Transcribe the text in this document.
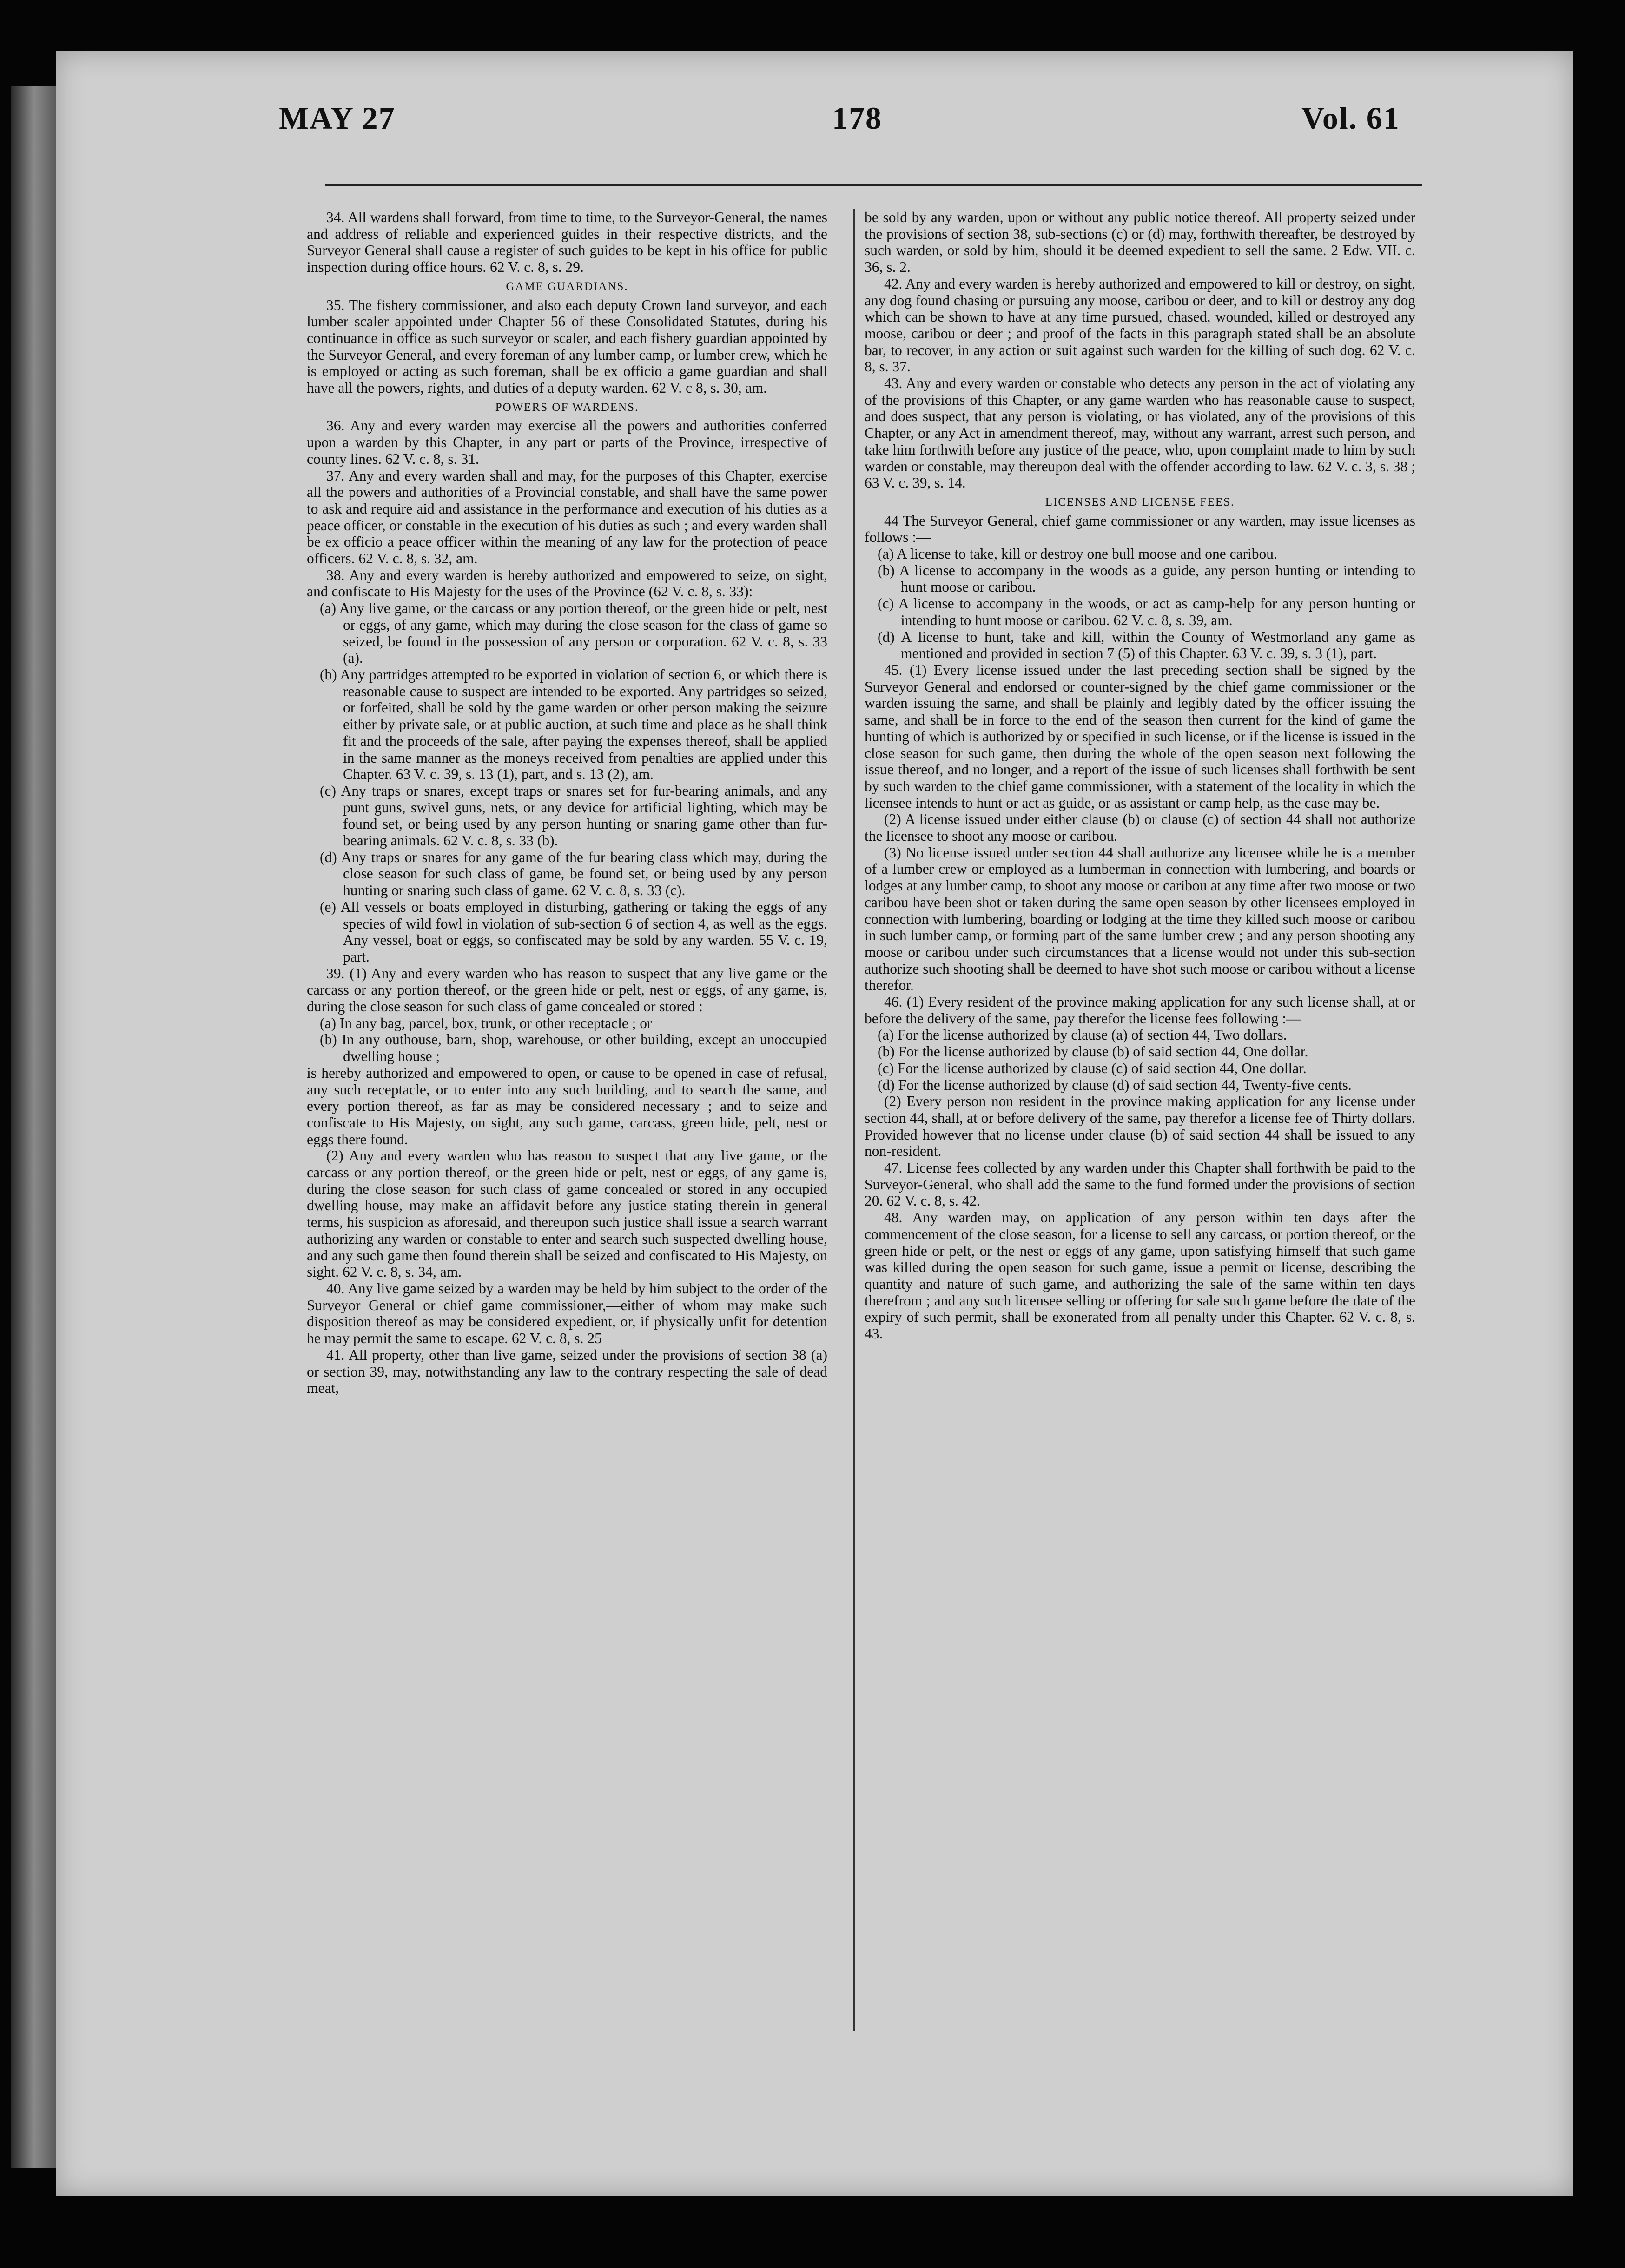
MAY 27	178	Vol. 61

34. All wardens shall forward, from time to time, to the Surveyor-General, the names and address of reliable and experienced guides in their respective districts, and the Surveyor General shall cause a register of such guides to be kept in his office for public inspection during office hours. 62 V. c. 8, s. 29.

GAME GUARDIANS.

35. The fishery commissioner, and also each deputy Crown land surveyor, and each lumber scaler appointed under Chapter 56 of these Consolidated Statutes, during his continuance in office as such surveyor or scaler, and each fishery guardian appointed by the Surveyor General, and every foreman of any lumber camp, or lumber crew, which he is employed or acting as such foreman, shall be ex officio a game guardian and shall have all the powers, rights, and duties of a deputy warden. 62 V. c 8, s. 30, am.

POWERS OF WARDENS.

36. Any and every warden may exercise all the powers and authorities conferred upon a warden by this Chapter, in any part or parts of the Province, irrespective of county lines. 62 V. c. 8, s. 31.

37. Any and every warden shall and may, for the purposes of this Chapter, exercise all the powers and authorities of a Provincial constable, and shall have the same power to ask and require aid and assistance in the performance and execution of his duties as a peace officer, or constable in the execution of his duties as such ; and every warden shall be ex officio a peace officer within the meaning of any law for the protection of peace officers. 62 V. c. 8, s. 32, am.

38. Any and every warden is hereby authorized and empowered to seize, on sight, and confiscate to His Majesty for the uses of the Province (62 V. c. 8, s. 33):

(a) Any live game, or the carcass or any portion thereof, or the green hide or pelt, nest or eggs, of any game, which may during the close season for the class of game so seized, be found in the possession of any person or corporation. 62 V. c. 8, s. 33 (a).

(b) Any partridges attempted to be exported in violation of section 6, or which there is reasonable cause to suspect are intended to be exported. Any partridges so seized, or forfeited, shall be sold by the game warden or other person making the seizure either by private sale, or at public auction, at such time and place as he shall think fit and the proceeds of the sale, after paying the expenses thereof, shall be applied in the same manner as the moneys received from penalties are applied under this Chapter. 63 V. c. 39, s. 13 (1), part, and s. 13 (2), am.

(c) Any traps or snares, except traps or snares set for fur-bearing animals, and any punt guns, swivel guns, nets, or any device for artificial lighting, which may be found set, or being used by any person hunting or snaring game other than fur-bearing animals. 62 V. c. 8, s. 33 (b).

(d) Any traps or snares for any game of the fur bearing class which may, during the close season for such class of game, be found set, or being used by any person hunting or snaring such class of game. 62 V. c. 8, s. 33 (c).

(e) All vessels or boats employed in disturbing, gathering or taking the eggs of any species of wild fowl in violation of sub-section 6 of section 4, as well as the eggs. Any vessel, boat or eggs, so confiscated may be sold by any warden. 55 V. c. 19, part.

39. (1) Any and every warden who has reason to suspect that any live game or the carcass or any portion thereof, or the green hide or pelt, nest or eggs, of any game, is, during the close season for such class of game concealed or stored :

(a) In any bag, parcel, box, trunk, or other receptacle ; or

(b) In any outhouse, barn, shop, warehouse, or other building, except an unoccupied dwelling house ;

is hereby authorized and empowered to open, or cause to be opened in case of refusal, any such receptacle, or to enter into any such building, and to search the same, and every portion thereof, as far as may be considered necessary ; and to seize and confiscate to His Majesty, on sight, any such game, carcass, green hide, pelt, nest or eggs there found.

(2) Any and every warden who has reason to suspect that any live game, or the carcass or any portion thereof, or the green hide or pelt, nest or eggs, of any game is, during the close season for such class of game concealed or stored in any occupied dwelling house, may make an affidavit before any justice stating therein in general terms, his suspicion as aforesaid, and thereupon such justice shall issue a search warrant authorizing any warden or constable to enter and search such suspected dwelling house, and any such game then found therein shall be seized and confiscated to His Majesty, on sight. 62 V. c. 8, s. 34, am.

40. Any live game seized by a warden may be held by him subject to the order of the Surveyor General or chief game commissioner,—either of whom may make such disposition thereof as may be considered expedient, or, if physically unfit for detention he may permit the same to escape. 62 V. c. 8, s. 25

41. All property, other than live game, seized under the provisions of section 38 (a) or section 39, may, notwithstanding any law to the contrary respecting the sale of dead meat,

be sold by any warden, upon or without any public notice thereof. All property seized under the provisions of section 38, sub-sections (c) or (d) may, forthwith thereafter, be destroyed by such warden, or sold by him, should it be deemed expedient to sell the same. 2 Edw. VII. c. 36, s. 2.

42. Any and every warden is hereby authorized and empowered to kill or destroy, on sight, any dog found chasing or pursuing any moose, caribou or deer, and to kill or destroy any dog which can be shown to have at any time pursued, chased, wounded, killed or destroyed any moose, caribou or deer ; and proof of the facts in this paragraph stated shall be an absolute bar, to recover, in any action or suit against such warden for the killing of such dog. 62 V. c. 8, s. 37.

43. Any and every warden or constable who detects any person in the act of violating any of the provisions of this Chapter, or any game warden who has reasonable cause to suspect, and does suspect, that any person is violating, or has violated, any of the provisions of this Chapter, or any Act in amendment thereof, may, without any warrant, arrest such person, and take him forthwith before any justice of the peace, who, upon complaint made to him by such warden or constable, may thereupon deal with the offender according to law. 62 V. c. 3, s. 38 ; 63 V. c. 39, s. 14.

LICENSES AND LICENSE FEES.

44 The Surveyor General, chief game commissioner or any warden, may issue licenses as follows :—

(a) A license to take, kill or destroy one bull moose and one caribou.

(b) A license to accompany in the woods as a guide, any person hunting or intending to hunt moose or caribou.

(c) A license to accompany in the woods, or act as camp-help for any person hunting or intending to hunt moose or caribou. 62 V. c. 8, s. 39, am.

(d) A license to hunt, take and kill, within the County of Westmorland any game as mentioned and provided in section 7 (5) of this Chapter. 63 V. c. 39, s. 3 (1), part.

45. (1) Every license issued under the last preceding section shall be signed by the Surveyor General and endorsed or counter-signed by the chief game commissioner or the warden issuing the same, and shall be plainly and legibly dated by the officer issuing the same, and shall be in force to the end of the season then current for the kind of game the hunting of which is authorized by or specified in such license, or if the license is issued in the close season for such game, then during the whole of the open season next following the issue thereof, and no longer, and a report of the issue of such licenses shall forthwith be sent by such warden to the chief game commissioner, with a statement of the locality in which the licensee intends to hunt or act as guide, or as assistant or camp help, as the case may be.

(2) A license issued under either clause (b) or clause (c) of section 44 shall not authorize the licensee to shoot any moose or caribou.

(3) No license issued under section 44 shall authorize any licensee while he is a member of a lumber crew or employed as a lumberman in connection with lumbering, and boards or lodges at any lumber camp, to shoot any moose or caribou at any time after two moose or two caribou have been shot or taken during the same open season by other licensees employed in connection with lumbering, boarding or lodging at the time they killed such moose or caribou in such lumber camp, or forming part of the same lumber crew ; and any person shooting any moose or caribou under such circumstances that a license would not under this sub-section authorize such shooting shall be deemed to have shot such moose or caribou without a license therefor.

46. (1) Every resident of the province making application for any such license shall, at or before the delivery of the same, pay therefor the license fees following :—

(a) For the license authorized by clause (a) of section 44, Two dollars.

(b) For the license authorized by clause (b) of said section 44, One dollar.

(c) For the license authorized by clause (c) of said section 44, One dollar.

(d) For the license authorized by clause (d) of said section 44, Twenty-five cents.

(2) Every person non resident in the province making application for any license under section 44, shall, at or before delivery of the same, pay therefor a license fee of Thirty dollars. Provided however that no license under clause (b) of said section 44 shall be issued to any non-resident.

47. License fees collected by any warden under this Chapter shall forthwith be paid to the Surveyor-General, who shall add the same to the fund formed under the provisions of section 20. 62 V. c. 8, s. 42.

48. Any warden may, on application of any person within ten days after the commencement of the close season, for a license to sell any carcass, or portion thereof, or the green hide or pelt, or the nest or eggs of any game, upon satisfying himself that such game was killed during the open season for such game, issue a permit or license, describing the quantity and nature of such game, and authorizing the sale of the same within ten days therefrom ; and any such licensee selling or offering for sale such game before the date of the expiry of such permit, shall be exonerated from all penalty under this Chapter. 62 V. c. 8, s. 43.
